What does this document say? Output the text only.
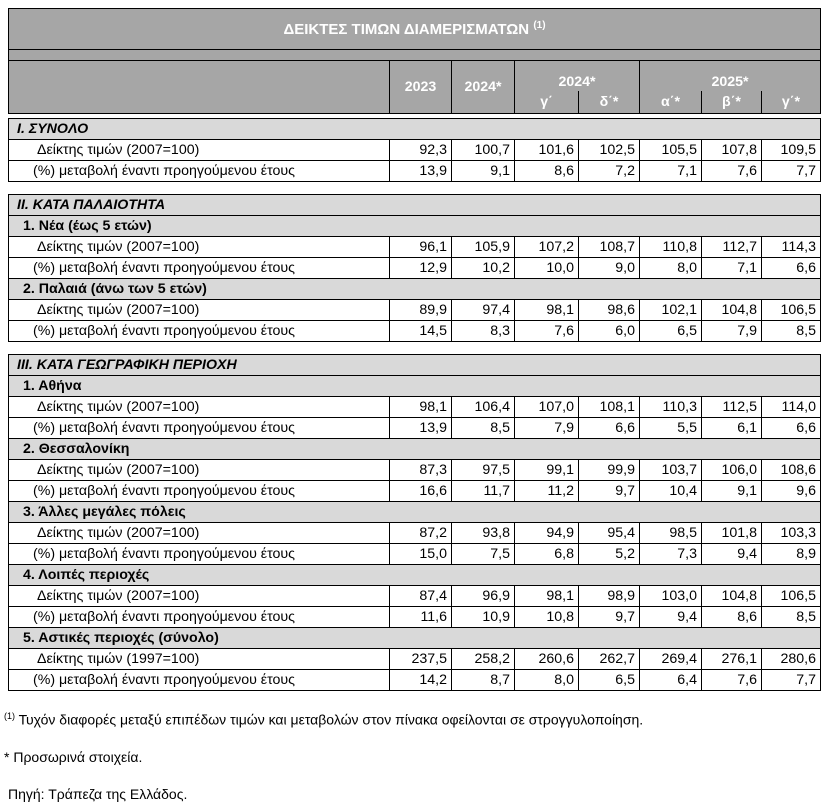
ΔΕΙΚΤΕΣ ΤΙΜΩΝ ΔΙΑΜΕΡΙΣΜΑΤΩΝ $^{(1)}$

	2023	2024*	2024*		2025*		
			γ΄	δ΄*	α΄*	β΄*	γ΄*

I. ΣΥΝΟΛΟ							
Δείκτης τιμών (2007=100)	92,3	100,7	101,6	102,5	105,5	107,8	109,5
(%) μεταβολή έναντι προηγούμενου έτους	13,9	9,1	8,6	7,2	7,1	7,6	7,7

II. ΚΑΤΑ ΠΑΛΑΙΟΤΗΤΑ							
1. Νέα (έως 5 ετών)							
Δείκτης τιμών (2007=100)	96,1	105,9	107,2	108,7	110,8	112,7	114,3
(%) μεταβολή έναντι προηγούμενου έτους	12,9	10,2	10,0	9,0	8,0	7,1	6,6
2. Παλαιά (άνω των 5 ετών)							
Δείκτης τιμών (2007=100)	89,9	97,4	98,1	98,6	102,1	104,8	106,5
(%) μεταβολή έναντι προηγούμενου έτους	14,5	8,3	7,6	6,0	6,5	7,9	8,5

III. ΚΑΤΑ ΓΕΩΓΡΑΦΙΚΗ ΠΕΡΙΟΧΗ							
1. Αθήνα							
Δείκτης τιμών (2007=100)	98,1	106,4	107,0	108,1	110,3	112,5	114,0
(%) μεταβολή έναντι προηγούμενου έτους	13,9	8,5	7,9	6,6	5,5	6,1	6,6
2. Θεσσαλονίκη							
Δείκτης τιμών (2007=100)	87,3	97,5	99,1	99,9	103,7	106,0	108,6
(%) μεταβολή έναντι προηγούμενου έτους	16,6	11,7	11,2	9,7	10,4	9,1	9,6
3. Άλλες μεγάλες πόλεις							
Δείκτης τιμών (2007=100)	87,2	93,8	94,9	95,4	98,5	101,8	103,3
(%) μεταβολή έναντι προηγούμενου έτους	15,0	7,5	6,8	5,2	7,3	9,4	8,9
4. Λοιπές περιοχές							
Δείκτης τιμών (2007=100)	87,4	96,9	98,1	98,9	103,0	104,8	106,5
(%) μεταβολή έναντι προηγούμενου έτους	11,6	10,9	10,8	9,7	9,4	8,6	8,5
5. Αστικές περιοχές (σύνολο)							
Δείκτης τιμών (1997=100)	237,5	258,2	260,6	262,7	269,4	276,1	280,6
(%) μεταβολή έναντι προηγούμενου έτους	14,2	8,7	8,0	6,5	6,4	7,6	7,7
$^{(1)}$ Τυχόν διαφορές μεταξύ επιπέδων τιμών και μεταβολών στον πίνακα οφείλονται σε στρογγυλοποίηση.
* Προσωρινά στοιχεία.
Πηγή: Τράπεζα της Ελλάδος.
